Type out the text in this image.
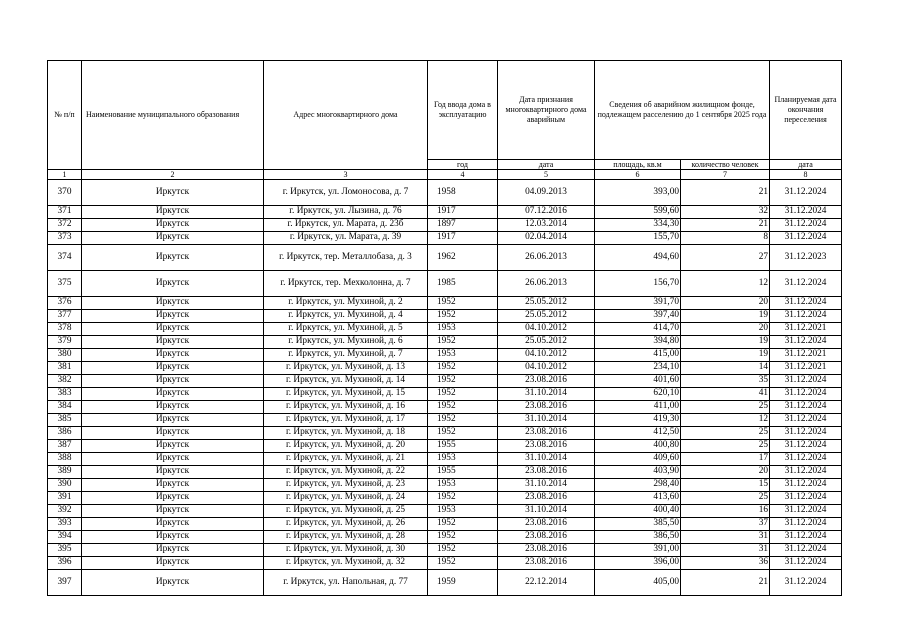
№ п/п	Наименование муниципального образования	Адрес многоквартирного дома	Год ввода дома в эксплуатацию	Дата признания многоквартирного дома аварийным	Сведения об аварийном жилищном фонде, подлежащем расселению до 1 сентября 2025 года		Планируемая дата окончания переселения
			год	дата	площадь, кв.м	количество человек	дата
1	2	3	4	5	6	7	8
370	Иркутск	г. Иркутск, ул. Ломоносова, д. 7	1958	04.09.2013	393,00	21	31.12.2024
371	Иркутск	г. Иркутск, ул. Лызина, д. 76	1917	07.12.2016	599,60	32	31.12.2024
372	Иркутск	г. Иркутск, ул. Марата, д. 23б	1897	12.03.2014	334,30	21	31.12.2024
373	Иркутск	г. Иркутск, ул. Марата, д. 39	1917	02.04.2014	155,70	8	31.12.2024
374	Иркутск	г. Иркутск, тер. Металлобаза, д. 3	1962	26.06.2013	494,60	27	31.12.2023
375	Иркутск	г. Иркутск, тер. Мехколонна, д. 7	1985	26.06.2013	156,70	12	31.12.2024
376	Иркутск	г. Иркутск, ул. Мухиной, д. 2	1952	25.05.2012	391,70	20	31.12.2024
377	Иркутск	г. Иркутск, ул. Мухиной, д. 4	1952	25.05.2012	397,40	19	31.12.2024
378	Иркутск	г. Иркутск, ул. Мухиной, д. 5	1953	04.10.2012	414,70	20	31.12.2021
379	Иркутск	г. Иркутск, ул. Мухиной, д. 6	1952	25.05.2012	394,80	19	31.12.2024
380	Иркутск	г. Иркутск, ул. Мухиной, д. 7	1953	04.10.2012	415,00	19	31.12.2021
381	Иркутск	г. Иркутск, ул. Мухиной, д. 13	1952	04.10.2012	234,10	14	31.12.2021
382	Иркутск	г. Иркутск, ул. Мухиной, д. 14	1952	23.08.2016	401,60	35	31.12.2024
383	Иркутск	г. Иркутск, ул. Мухиной, д. 15	1952	31.10.2014	620,10	41	31.12.2024
384	Иркутск	г. Иркутск, ул. Мухиной, д. 16	1952	23.08.2016	411,00	25	31.12.2024
385	Иркутск	г. Иркутск, ул. Мухиной, д. 17	1952	31.10.2014	419,30	12	31.12.2024
386	Иркутск	г. Иркутск, ул. Мухиной, д. 18	1952	23.08.2016	412,50	25	31.12.2024
387	Иркутск	г. Иркутск, ул. Мухиной, д. 20	1955	23.08.2016	400,80	25	31.12.2024
388	Иркутск	г. Иркутск, ул. Мухиной, д. 21	1953	31.10.2014	409,60	17	31.12.2024
389	Иркутск	г. Иркутск, ул. Мухиной, д. 22	1955	23.08.2016	403,90	20	31.12.2024
390	Иркутск	г. Иркутск, ул. Мухиной, д. 23	1953	31.10.2014	298,40	15	31.12.2024
391	Иркутск	г. Иркутск, ул. Мухиной, д. 24	1952	23.08.2016	413,60	25	31.12.2024
392	Иркутск	г. Иркутск, ул. Мухиной, д. 25	1953	31.10.2014	400,40	16	31.12.2024
393	Иркутск	г. Иркутск, ул. Мухиной, д. 26	1952	23.08.2016	385,50	37	31.12.2024
394	Иркутск	г. Иркутск, ул. Мухиной, д. 28	1952	23.08.2016	386,50	31	31.12.2024
395	Иркутск	г. Иркутск, ул. Мухиной, д. 30	1952	23.08.2016	391,00	31	31.12.2024
396	Иркутск	г. Иркутск, ул. Мухиной, д. 32	1952	23.08.2016	396,00	36	31.12.2024
397	Иркутск	г. Иркутск, ул. Напольная, д. 77	1959	22.12.2014	405,00	21	31.12.2024
